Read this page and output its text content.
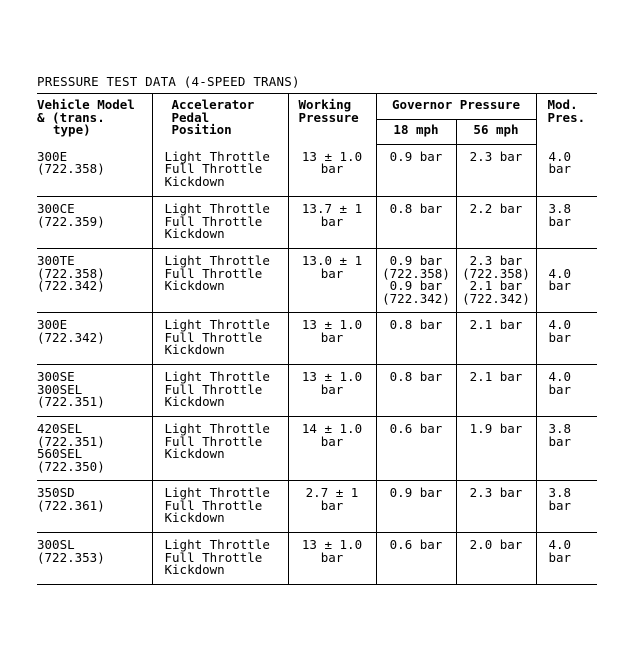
PRESSURE TEST DATA (4-SPEED TRANS)
Vehicle Model
& (trans.
type)	Accelerator
Pedal
Position	Working
Pressure	Governor Pressure		Mod.
Pres.

			18 mph	56 mph	

300E
(722.358)	Light Throttle
Full Throttle
Kickdown	13 ± 1.0
bar	0.9 bar	2.3 bar	4.0
bar

300CE
(722.359)	Light Throttle
Full Throttle
Kickdown	13.7 ± 1
bar	0.8 bar	2.2 bar	3.8
bar

300TE
(722.358)
(722.342)	Light Throttle
Full Throttle
Kickdown	13.0 ± 1
bar	0.9 bar
(722.358)
0.9 bar
(722.342)	2.3 bar
(722.358)
2.1 bar
(722.342)	4.0
bar

300E
(722.342)	Light Throttle
Full Throttle
Kickdown	13 ± 1.0
bar	0.8 bar	2.1 bar	4.0
bar

300SE
300SEL
(722.351)	Light Throttle
Full Throttle
Kickdown	13 ± 1.0
bar	0.8 bar	2.1 bar	4.0
bar

420SEL
(722.351)
560SEL
(722.350)	Light Throttle
Full Throttle
Kickdown	14 ± 1.0
bar	0.6 bar	1.9 bar	3.8
bar

350SD
(722.361)	Light Throttle
Full Throttle
Kickdown	2.7 ± 1
bar	0.9 bar	2.3 bar	3.8
bar

300SL
(722.353)	Light Throttle
Full Throttle
Kickdown	13 ± 1.0
bar	0.6 bar	2.0 bar	4.0
bar
